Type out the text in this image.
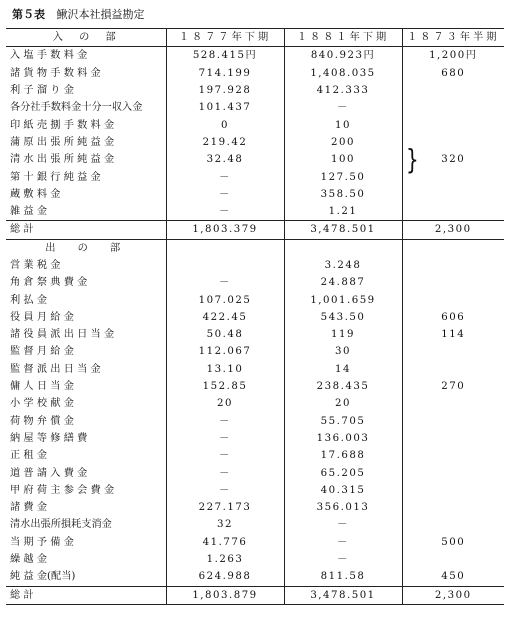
第５表 鰍沢本社損益勘定
入　の　部	１８７７年下期	１８８１年下期	１８７３年半期
入 塩 手 数 料 金	528.415円	840.923円	1,200円
諸 貨 物 手 数 料 金	714.199	1,408.035	680
利 子 溜 り 金	197.928	412.333	
各分社手数料金十分一収入金	101.437	－	
印 紙 売 捌 手 数 料 金	0	10	
蒲 原 出 張 所 純 益 金	219.42	200	
清 水 出 張 所 純 益 金	32.48	100	320
第 十 銀 行 純 益 金	－	127.50	
蔵 敷 料 金	－	358.50	
雑 益 金	－	1.21	
総 計	1,803.379	3,478.501	2,300
出　の　部			
営 業 税 金		3.248	
角 倉 祭 典 費 金	－	24.887	
利 払 金	107.025	1,001.659	
役 員 月 給 金	422.45	543.50	606
諸 役 員 派 出 日 当 金	50.48	119	114
監 督 月 給 金	112.067	30	
監 督 派 出 日 当 金	13.10	14	
傭 人 日 当 金	152.85	238.435	270
小 学 校 献 金	20	20	
荷 物 弁 償 金	－	55.705	
納 屋 等 修 繕 費	－	136.003	
正 租 金	－	17.688	
道 普 請 入 費 金	－	65.205	
甲 府 荷 主 参 会 費 金	－	40.315	
諸 費 金	227.173	356.013	
清水出張所損耗支消金	32	－	
当 期 予 備 金	41.776	－	500
繰 越 金	1.263	－	
純 益 金(配当)	624.988	811.58	450
総 計	1,803.879	3,478.501	2,300
}
